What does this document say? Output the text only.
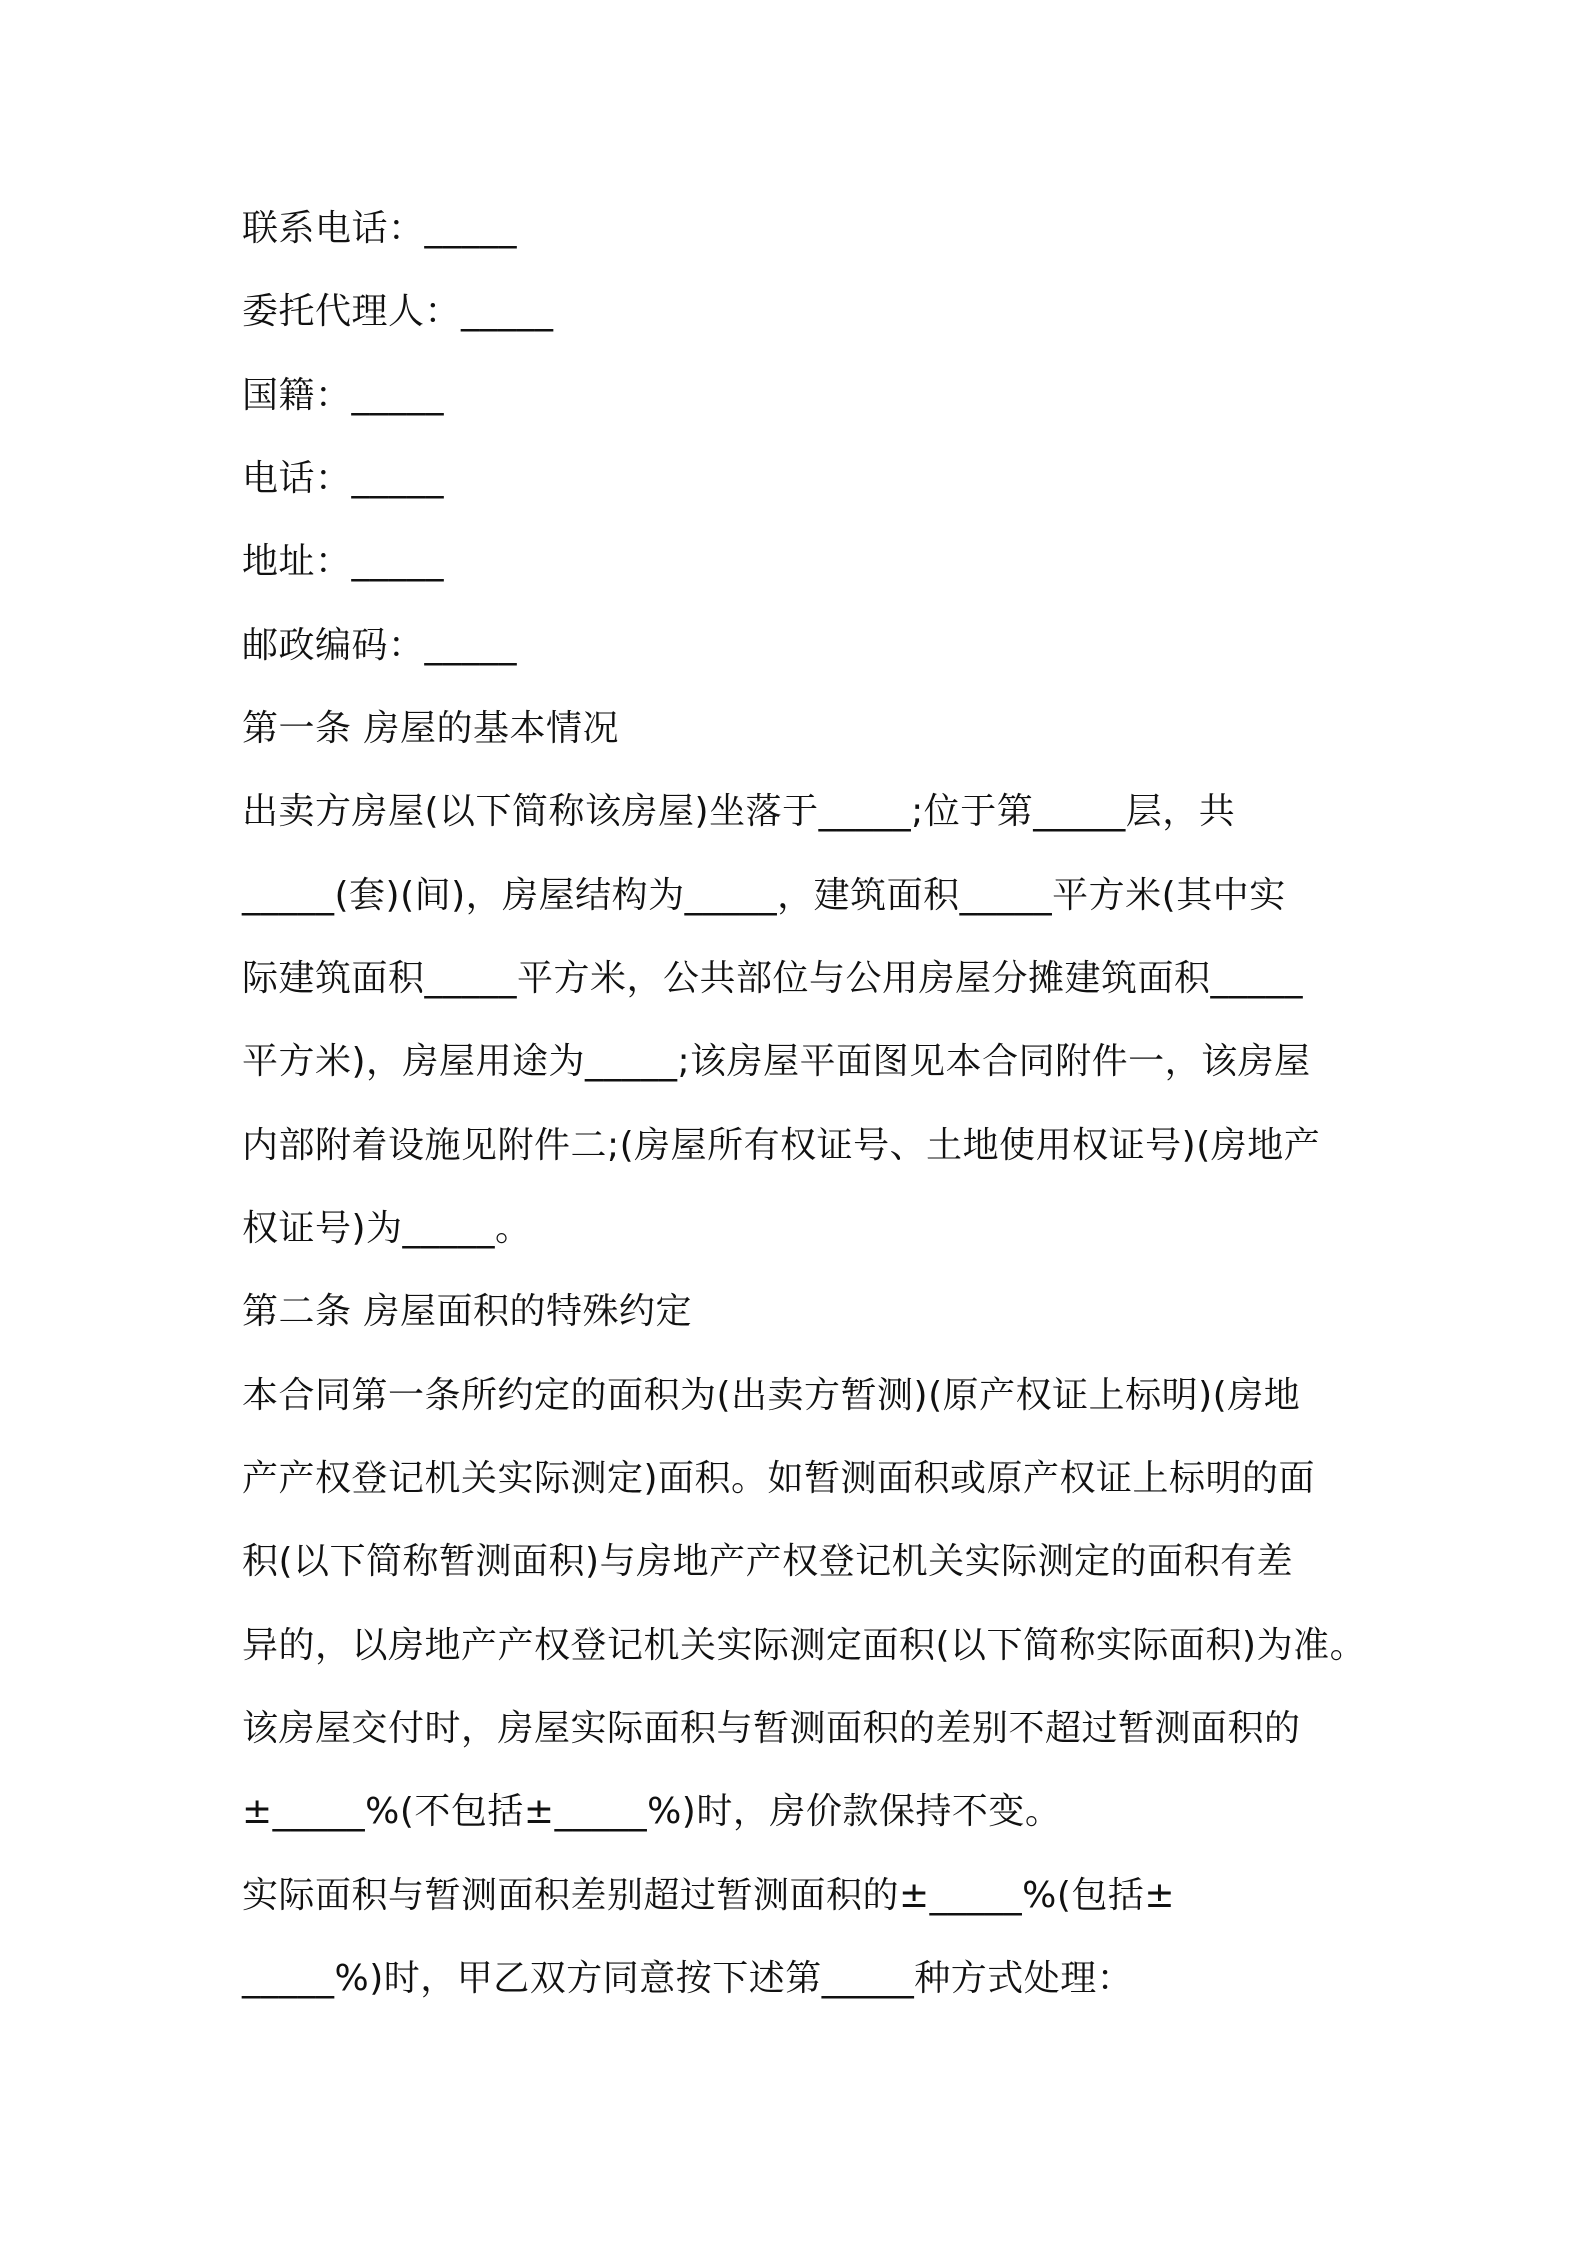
联系电话：_____
委托代理人：_____
国籍：_____
电话：_____
地址：_____
邮政编码：_____
第一条 房屋的基本情况
出卖方房屋(以下简称该房屋)坐落于_____;位于第_____层，共
_____(套)(间)，房屋结构为_____，建筑面积_____平方米(其中实
际建筑面积_____平方米，公共部位与公用房屋分摊建筑面积_____
平方米)，房屋用途为_____;该房屋平面图见本合同附件一，该房屋
内部附着设施见附件二;(房屋所有权证号、土地使用权证号)(房地产
权证号)为_____。
第二条 房屋面积的特殊约定
本合同第一条所约定的面积为(出卖方暂测)(原产权证上标明)(房地
产产权登记机关实际测定)面积。如暂测面积或原产权证上标明的面
积(以下简称暂测面积)与房地产产权登记机关实际测定的面积有差
异的，以房地产产权登记机关实际测定面积(以下简称实际面积)为准。
该房屋交付时，房屋实际面积与暂测面积的差别不超过暂测面积的
±_____%(不包括±_____%)时，房价款保持不变。
实际面积与暂测面积差别超过暂测面积的±_____%(包括±
_____%)时，甲乙双方同意按下述第_____种方式处理：
